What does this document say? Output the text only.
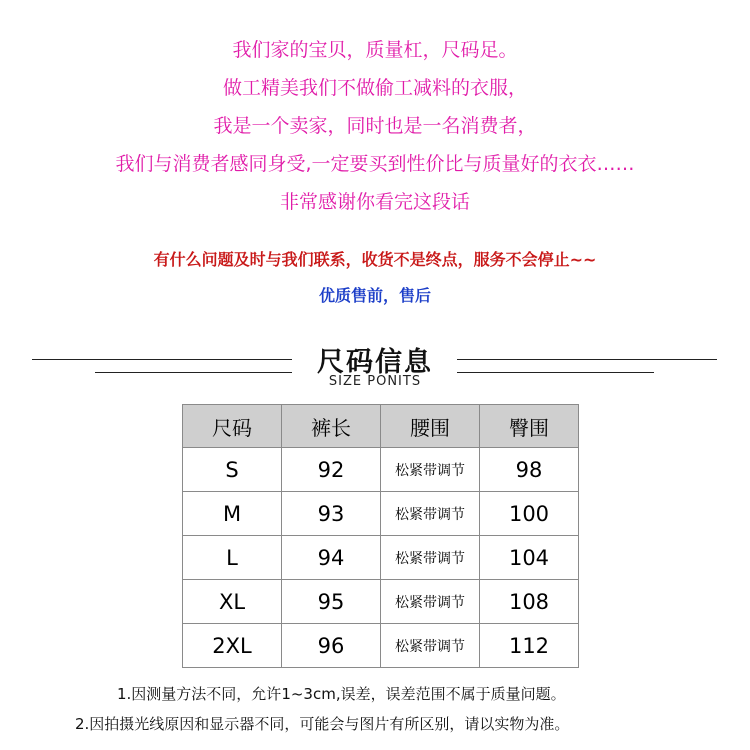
我们家的宝贝，质量杠，尺码足。
做工精美我们不做偷工减料的衣服，
我是一个卖家，同时也是一名消费者，
我们与消费者感同身受,一定要买到性价比与质量好的衣衣……
非常感谢你看完这段话
有什么问题及时与我们联系，收货不是终点，服务不会停止~~
优质售前，售后
尺码信息
SIZE PONITS
尺码	裤长	腰围	臀围
S	92	松紧带调节	98
M	93	松紧带调节	100
L	94	松紧带调节	104
XL	95	松紧带调节	108
2XL	96	松紧带调节	112
1.因测量方法不同，允许1~3cm,误差，误差范围不属于质量问题。
2.因拍摄光线原因和显示器不同，可能会与图片有所区别，请以实物为准。
